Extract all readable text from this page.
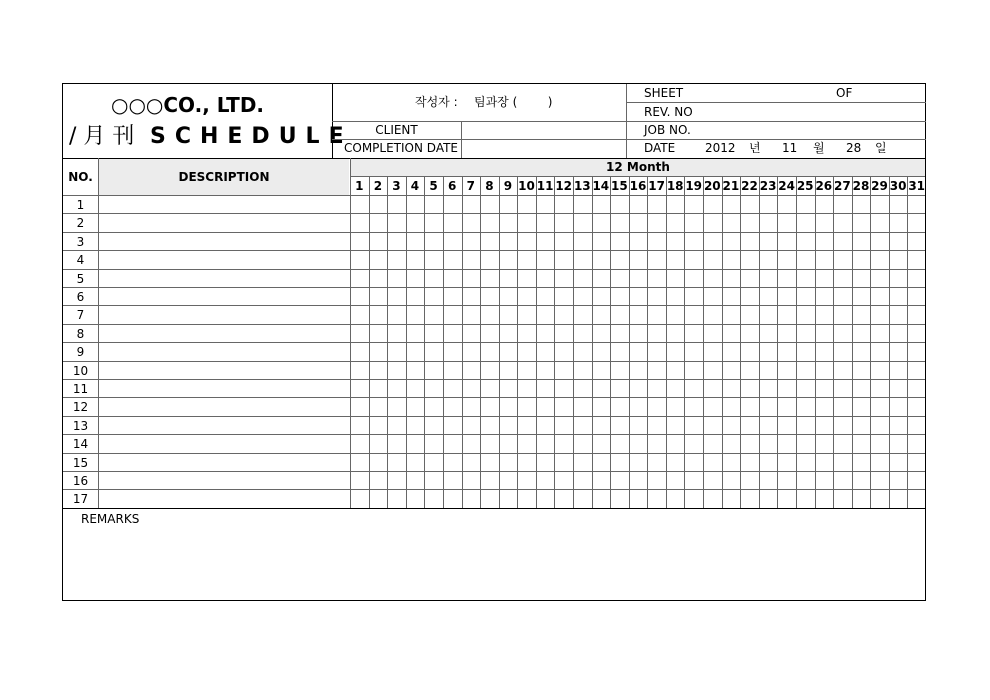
○○○CO., LTD.
/ 月 刊 SCHEDULE
작성자 : 팀과장 (        )
CLIENT
COMPLETION DATE
SHEET	OF
REV. NO
JOB NO.
DATE 2012 년 11 월 28 일
NO.	DESCRIPTION
12 Month
1 2 3 4 5 6 7 8 9 10 11 12 13 14 15 16 17 18 19 20 21 22 23 24 25 26 27 28 29 30 31
1
2
3
4
5
6
7
8
9
10
11
12
13
14
15
16
17
REMARKS
